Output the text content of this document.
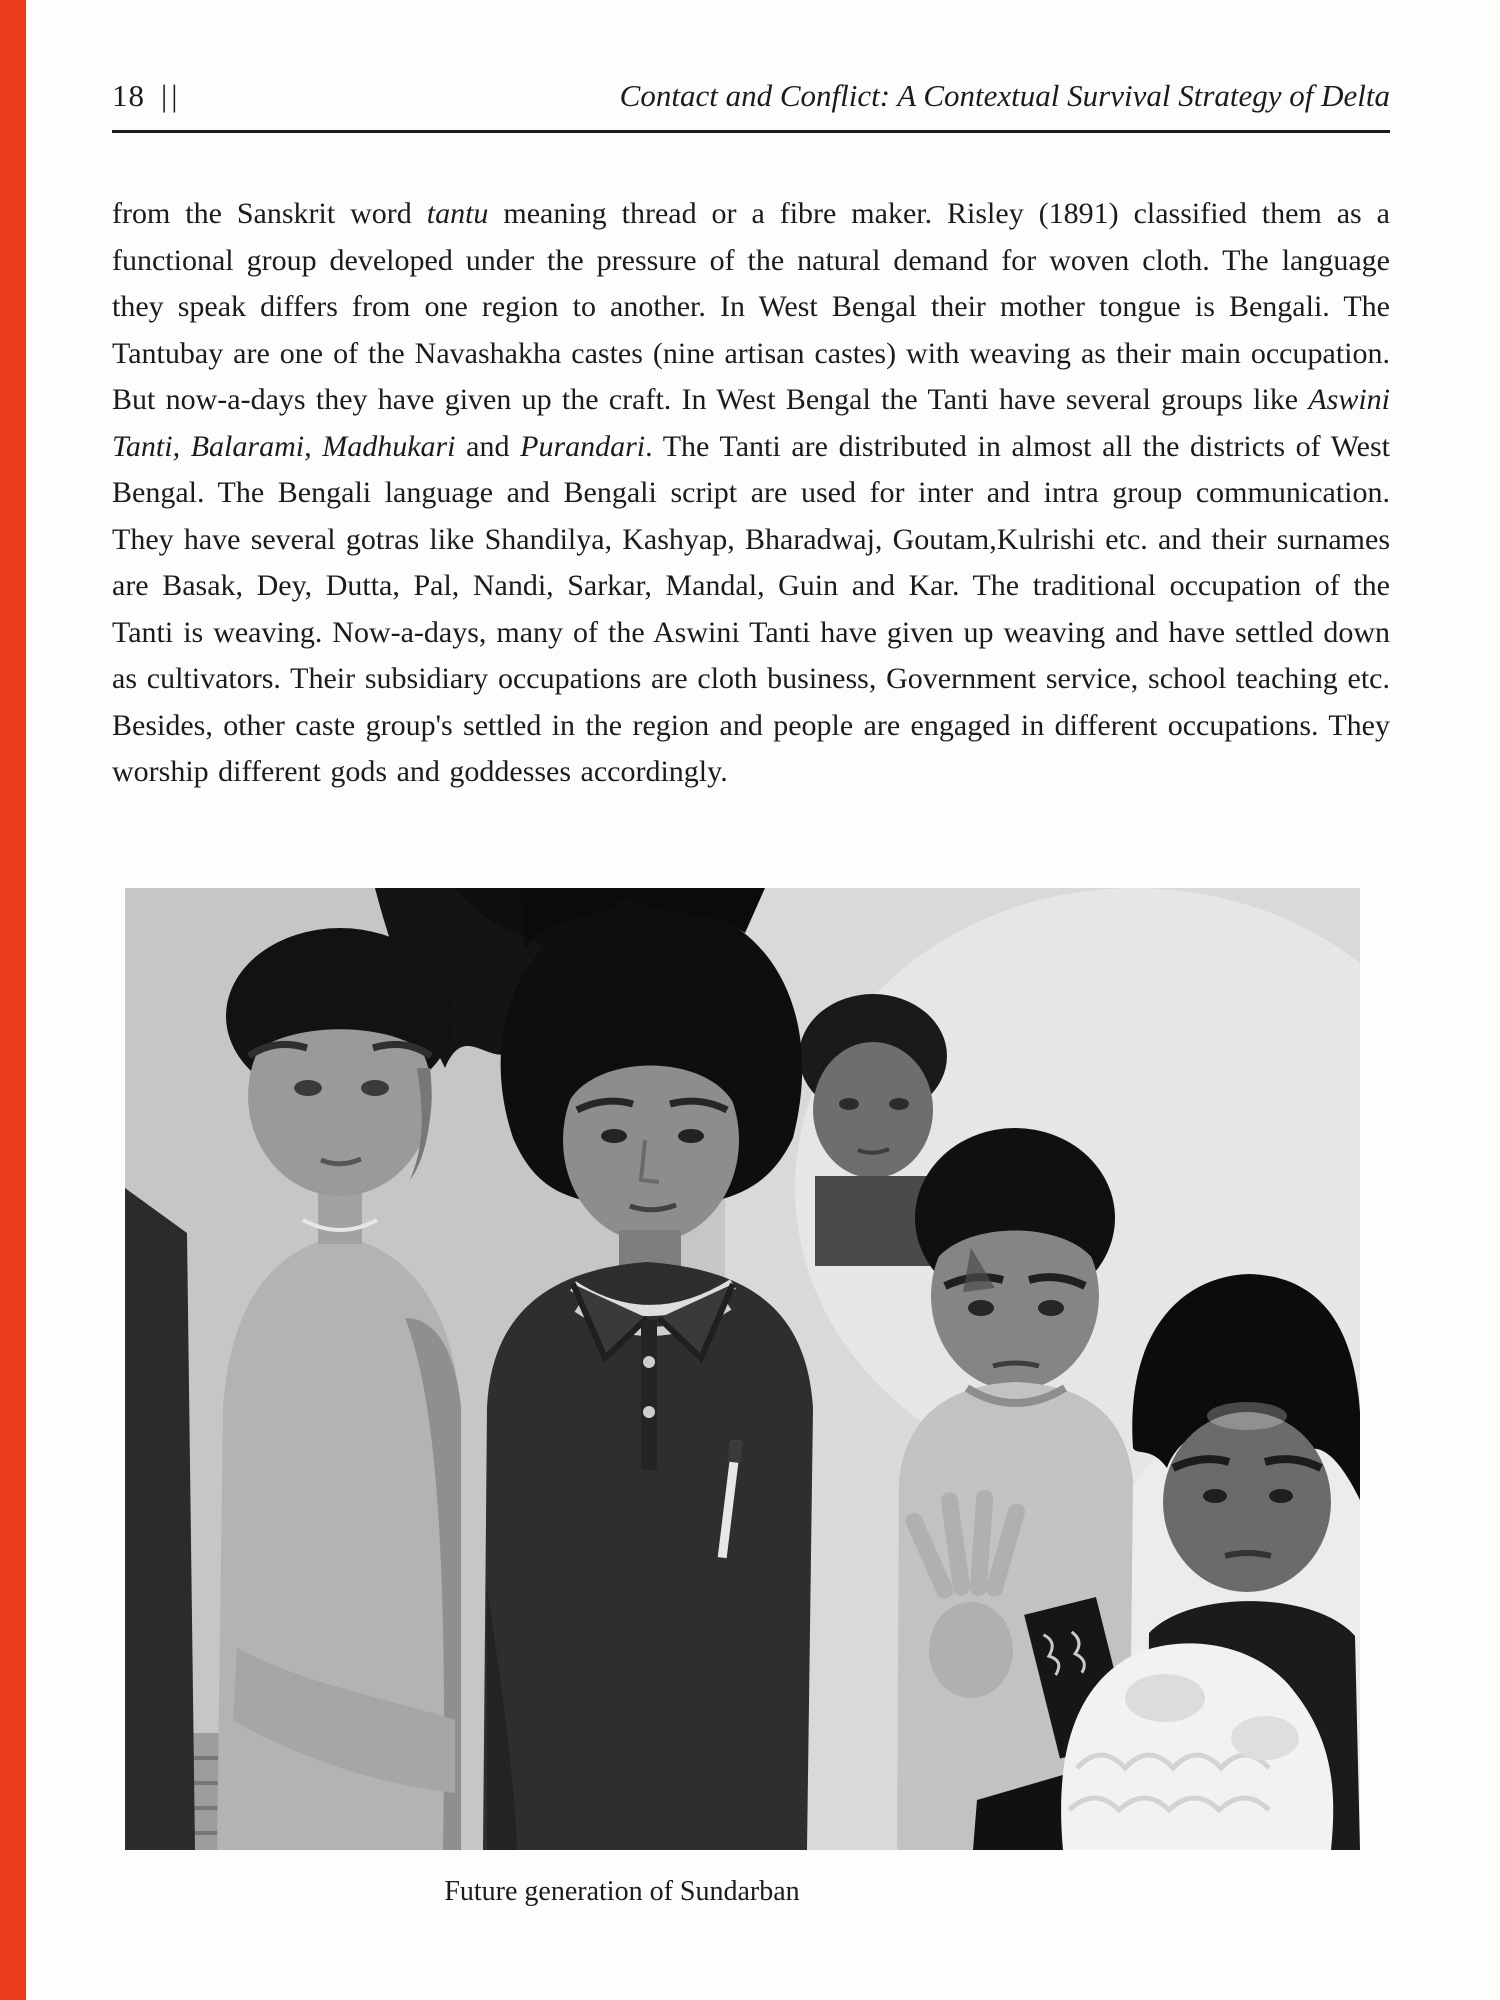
18 ||	Contact and Conflict: A Contextual Survival Strategy of Delta

from the Sanskrit word tantu meaning thread or a fibre maker. Risley (1891) classified them as a functional group developed under the pressure of the natural demand for woven cloth. The language they speak differs from one region to another. In West Bengal their mother tongue is Bengali. The Tantubay are one of the Navashakha castes (nine artisan castes) with weaving as their main occupation. But now-a-days they have given up the craft. In West Bengal the Tanti have several groups like Aswini Tanti, Balarami, Madhukari and Purandari. The Tanti are distributed in almost all the districts of West Bengal. The Bengali language and Bengali script are used for inter and intra group communication. They have several gotras like Shandilya, Kashyap, Bharadwaj, Goutam,Kulrishi etc. and their surnames are Basak, Dey, Dutta, Pal, Nandi, Sarkar, Mandal, Guin and Kar. The traditional occupation of the Tanti is weaving. Now-a-days, many of the Aswini Tanti have given up weaving and have settled down as cultivators. Their subsidiary occupations are cloth business, Government service, school teaching etc. Besides, other caste group's settled in the region and people are engaged in different occupations. They worship different gods and goddesses accordingly.

Future generation of Sundarban
